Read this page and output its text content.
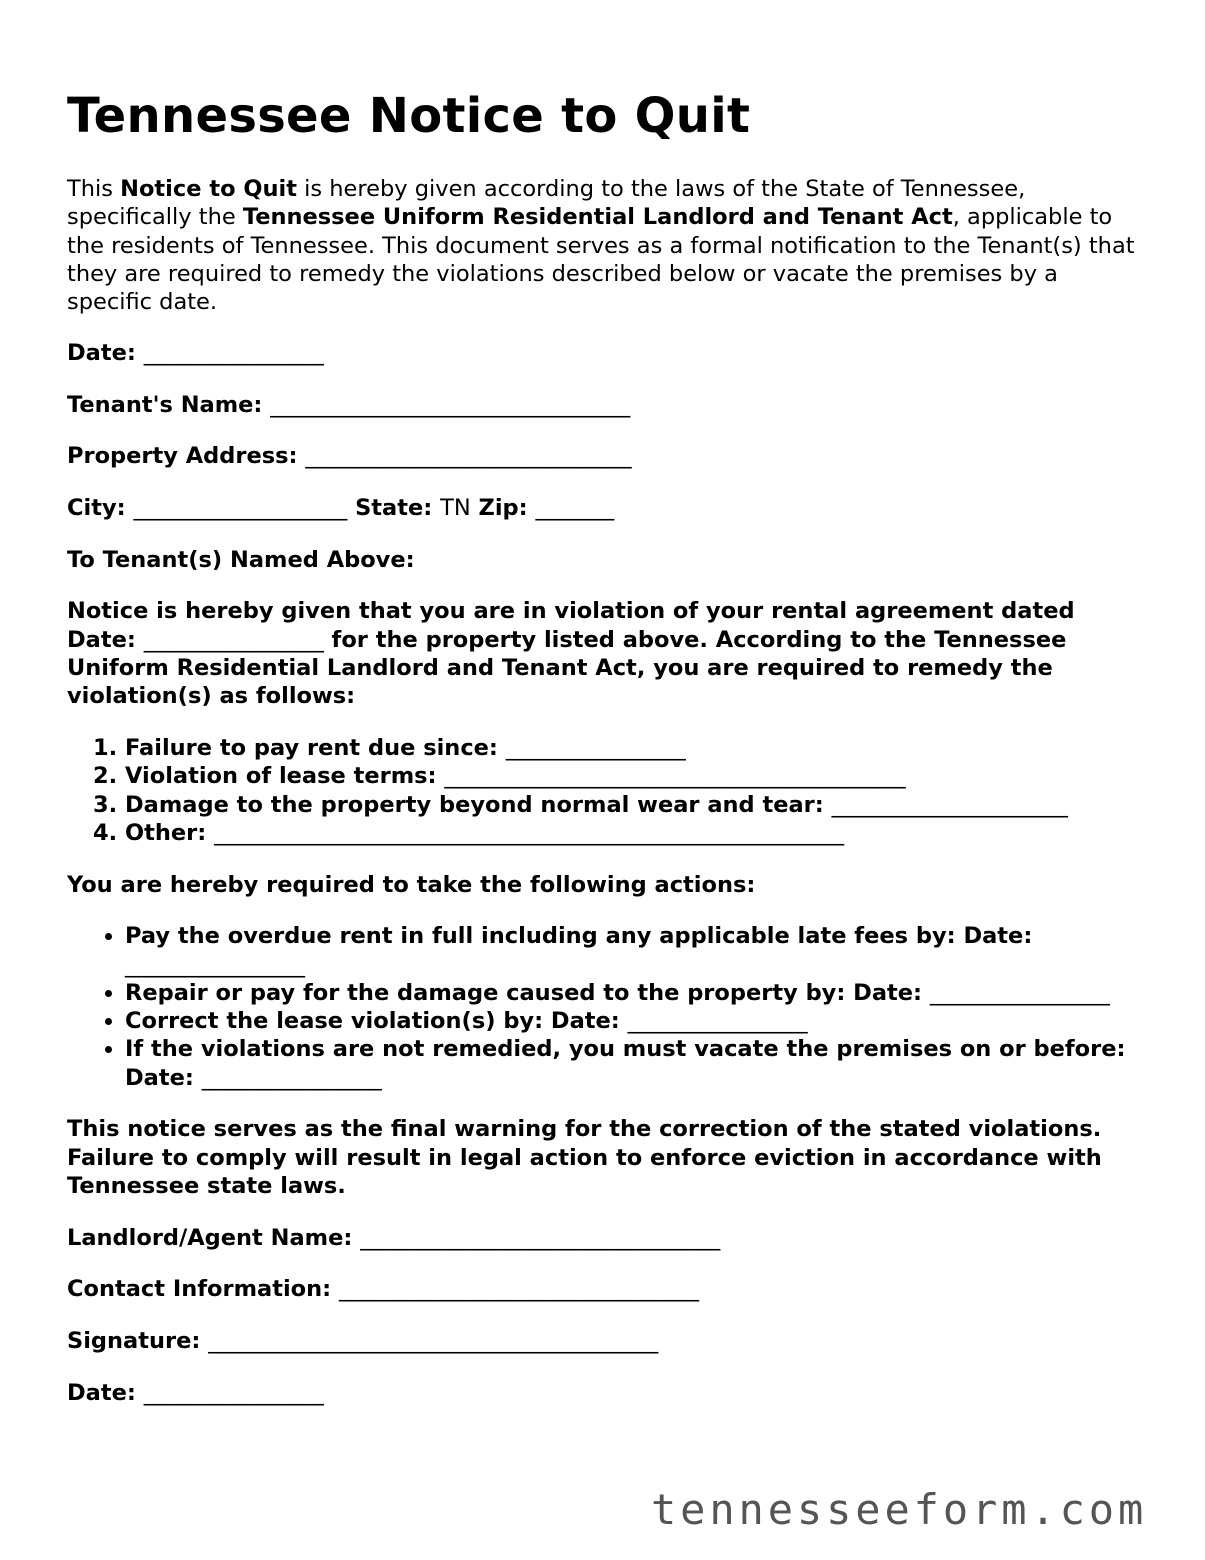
Tennessee Notice to Quit
This Notice to Quit is hereby given according to the laws of the State of Tennessee, specifically the Tennessee Uniform Residential Landlord and Tenant Act, applicable to the residents of Tennessee. This document serves as a formal notification to the Tenant(s) that they are required to remedy the violations described below or vacate the premises by a specific date.
Date: ________________
Tenant's Name: ________________________________
Property Address: _____________________________
City: ___________________ State: TN Zip: _______
To Tenant(s) Named Above:
Notice is hereby given that you are in violation of your rental agreement dated Date: ________________ for the property listed above. According to the Tennessee Uniform Residential Landlord and Tenant Act, you are required to remedy the violation(s) as follows:
1. Failure to pay rent due since: ________________
2. Violation of lease terms: _________________________________________
3. Damage to the property beyond normal wear and tear: _____________________
4. Other: ________________________________________________________
You are hereby required to take the following actions:
• Pay the overdue rent in full including any applicable late fees by: Date: ________________
• Repair or pay for the damage caused to the property by: Date: ________________
• Correct the lease violation(s) by: Date: ________________
• If the violations are not remedied, you must vacate the premises on or before: Date: ________________
This notice serves as the final warning for the correction of the stated violations. Failure to comply will result in legal action to enforce eviction in accordance with Tennessee state laws.
Landlord/Agent Name: ________________________________
Contact Information: ________________________________
Signature: ________________________________________
Date: ________________
tennesseeform.com
